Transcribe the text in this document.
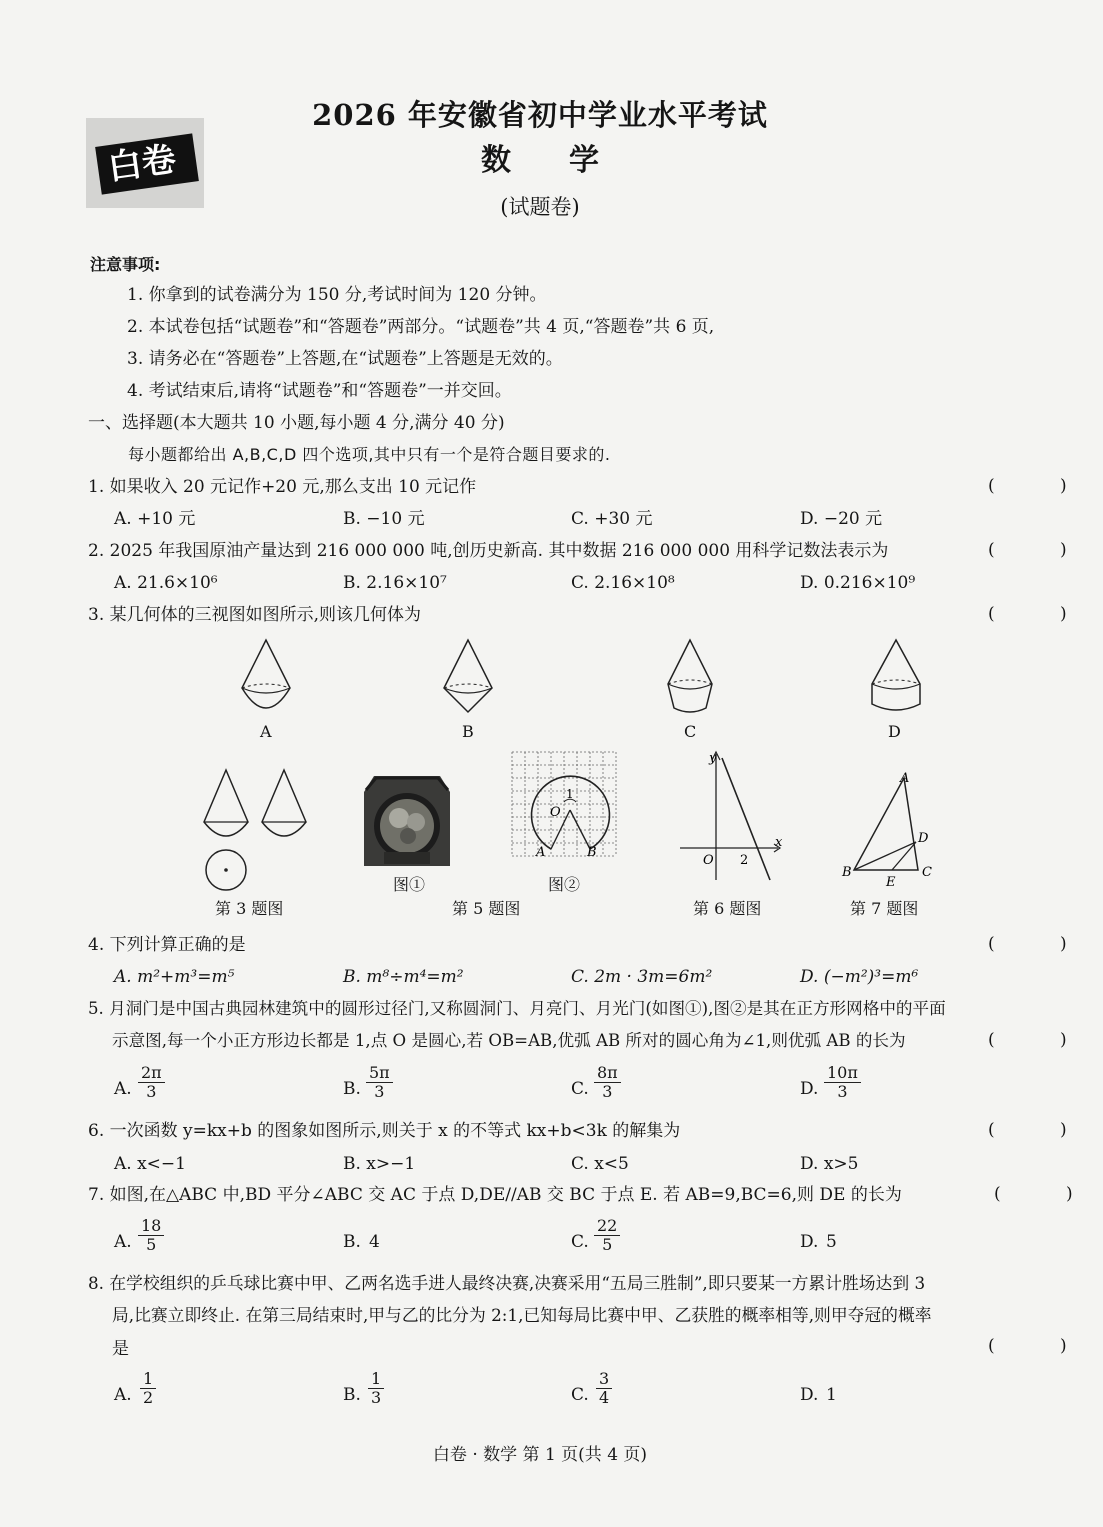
白卷
2026 年安徽省初中学业水平考试
数学
(试题卷)
注意事项:
1. 你拿到的试卷满分为 150 分,考试时间为 120 分钟。
2. 本试卷包括“试题卷”和“答题卷”两部分。“试题卷”共 4 页,“答题卷”共 6 页,
3. 请务必在“答题卷”上答题,在“试题卷”上答题是无效的。
4. 考试结束后,请将“试题卷”和“答题卷”一并交回。
一、选择题(本大题共 10 小题,每小题 4 分,满分 40 分)
每小题都给出 A,B,C,D 四个选项,其中只有一个是符合题目要求的.
1. 如果收入 20 元记作+20 元,那么支出 10 元记作	( )
A. +10 元	B. −10 元	C. +30 元	D. −20 元
2. 2025 年我国原油产量达到 216 000 000 吨,创历史新高. 其中数据 216 000 000 用科学记数法表示为	( )
A. 21.6×10⁶	B. 2.16×10⁷	C. 2.16×10⁸	D. 0.216×10⁹
3. 某几何体的三视图如图所示,则该几何体为	( )
A	B	C	D
第 3 题图
图①
O
1
A	B
图②
第 5 题图
y
x
O 2
第 6 题图
A
D
C
B
E
第 7 题图
4. 下列计算正确的是	( )
A. m²+m³=m⁵	B. m⁸÷m⁴=m²	C. 2m · 3m=6m²	D. (−m²)³=m⁶
5. 月洞门是中国古典园林建筑中的圆形过径门,又称圆洞门、月亮门、月光门(如图①),图②是其在正方形网格中的平面
示意图,每一个小正方形边长都是 1,点 O 是圆心,若 OB=AB,优弧 AB 所对的圆心角为∠1,则优弧 AB 的长为	( )
A. $\frac{2\pi}{3}$	B. $\frac{5\pi}{3}$	C. $\frac{8\pi}{3}$	D. $\frac{10\pi}{3}$
6. 一次函数 y=kx+b 的图象如图所示,则关于 x 的不等式 kx+b<3k 的解集为	( )
A. x<−1	B. x>−1	C. x<5	D. x>5
7. 如图,在△ABC 中,BD 平分∠ABC 交 AC 于点 D,DE//AB 交 BC 于点 E. 若 AB=9,BC=6,则 DE 的长为	( )
A. $\frac{18}{5}$	B. 4	C. $\frac{22}{5}$	D. 5
8. 在学校组织的乒乓球比赛中甲、乙两名选手进人最终决赛,决赛采用“五局三胜制”,即只要某一方累计胜场达到 3
局,比赛立即终止. 在第三局结束时,甲与乙的比分为 2:1,已知每局比赛中甲、乙获胜的概率相等,则甲夺冠的概率
是	( )
A. $\frac{1}{2}$	B. $\frac{1}{3}$	C. $\frac{3}{4}$	D. 1
白卷 · 数学 第 1 页(共 4 页)
